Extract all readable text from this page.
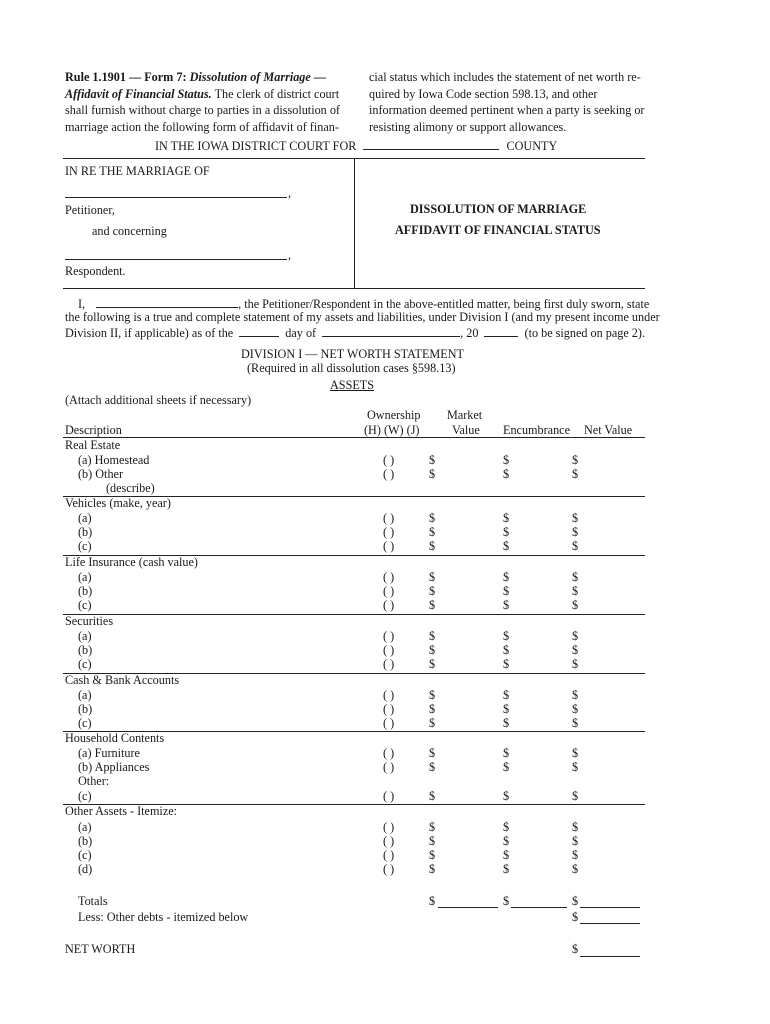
Rule 1.1901 — Form 7: Dissolution of Marriage —
Affidavit of Financial Status. The clerk of district court
shall furnish without charge to parties in a dissolution of
marriage action the following form of affidavit of finan-
cial status which includes the statement of net worth re-
quired by Iowa Code section 598.13, and other
information deemed pertinent when a party is seeking or
resisting alimony or support allowances.
IN THE IOWA DISTRICT COURT FOR	COUNTY
IN RE THE MARRIAGE OF
,
Petitioner,
and concerning
,
Respondent.
DISSOLUTION OF MARRIAGE
AFFIDAVIT OF FINANCIAL STATUS
I,	, the Petitioner/Respondent in the above-entitled matter, being first duly sworn, state
the following is a true and complete statement of my assets and liabilities, under Division I (and my present income under
Division II, if applicable) as of the	day of	, 20	(to be signed on page 2).
DIVISION I — NET WORTH STATEMENT
(Required in all dissolution cases §598.13)
ASSETS
(Attach additional sheets if necessary)
Ownership Market
Description	(H) (W) (J)	Value Encumbrance Net Value
Real Estate
(a) Homestead	( )	$	$	$
(b) Other	( )	$	$	$
(describe)
Vehicles (make, year)
(a)	( )	$	$	$
(b)	( )	$	$	$
(c)	( )	$	$	$
Life Insurance (cash value)
(a)	( )	$	$	$
(b)	( )	$	$	$
(c)	( )	$	$	$
Securities
(a)	( )	$	$	$
(b)	( )	$	$	$
(c)	( )	$	$	$
Cash & Bank Accounts
(a)	( )	$	$	$
(b)	( )	$	$	$
(c)	( )	$	$	$
Household Contents
(a) Furniture	( )	$	$	$
(b) Appliances	( )	$	$	$
Other:
(c)	( )	$	$	$
Other Assets - Itemize:
(a)	( )	$	$	$
(b)	( )	$	$	$
(c)	( )	$	$	$
(d)	( )	$	$	$
Totals	$	$	$
Less: Other debts - itemized below	$
NET WORTH	$
